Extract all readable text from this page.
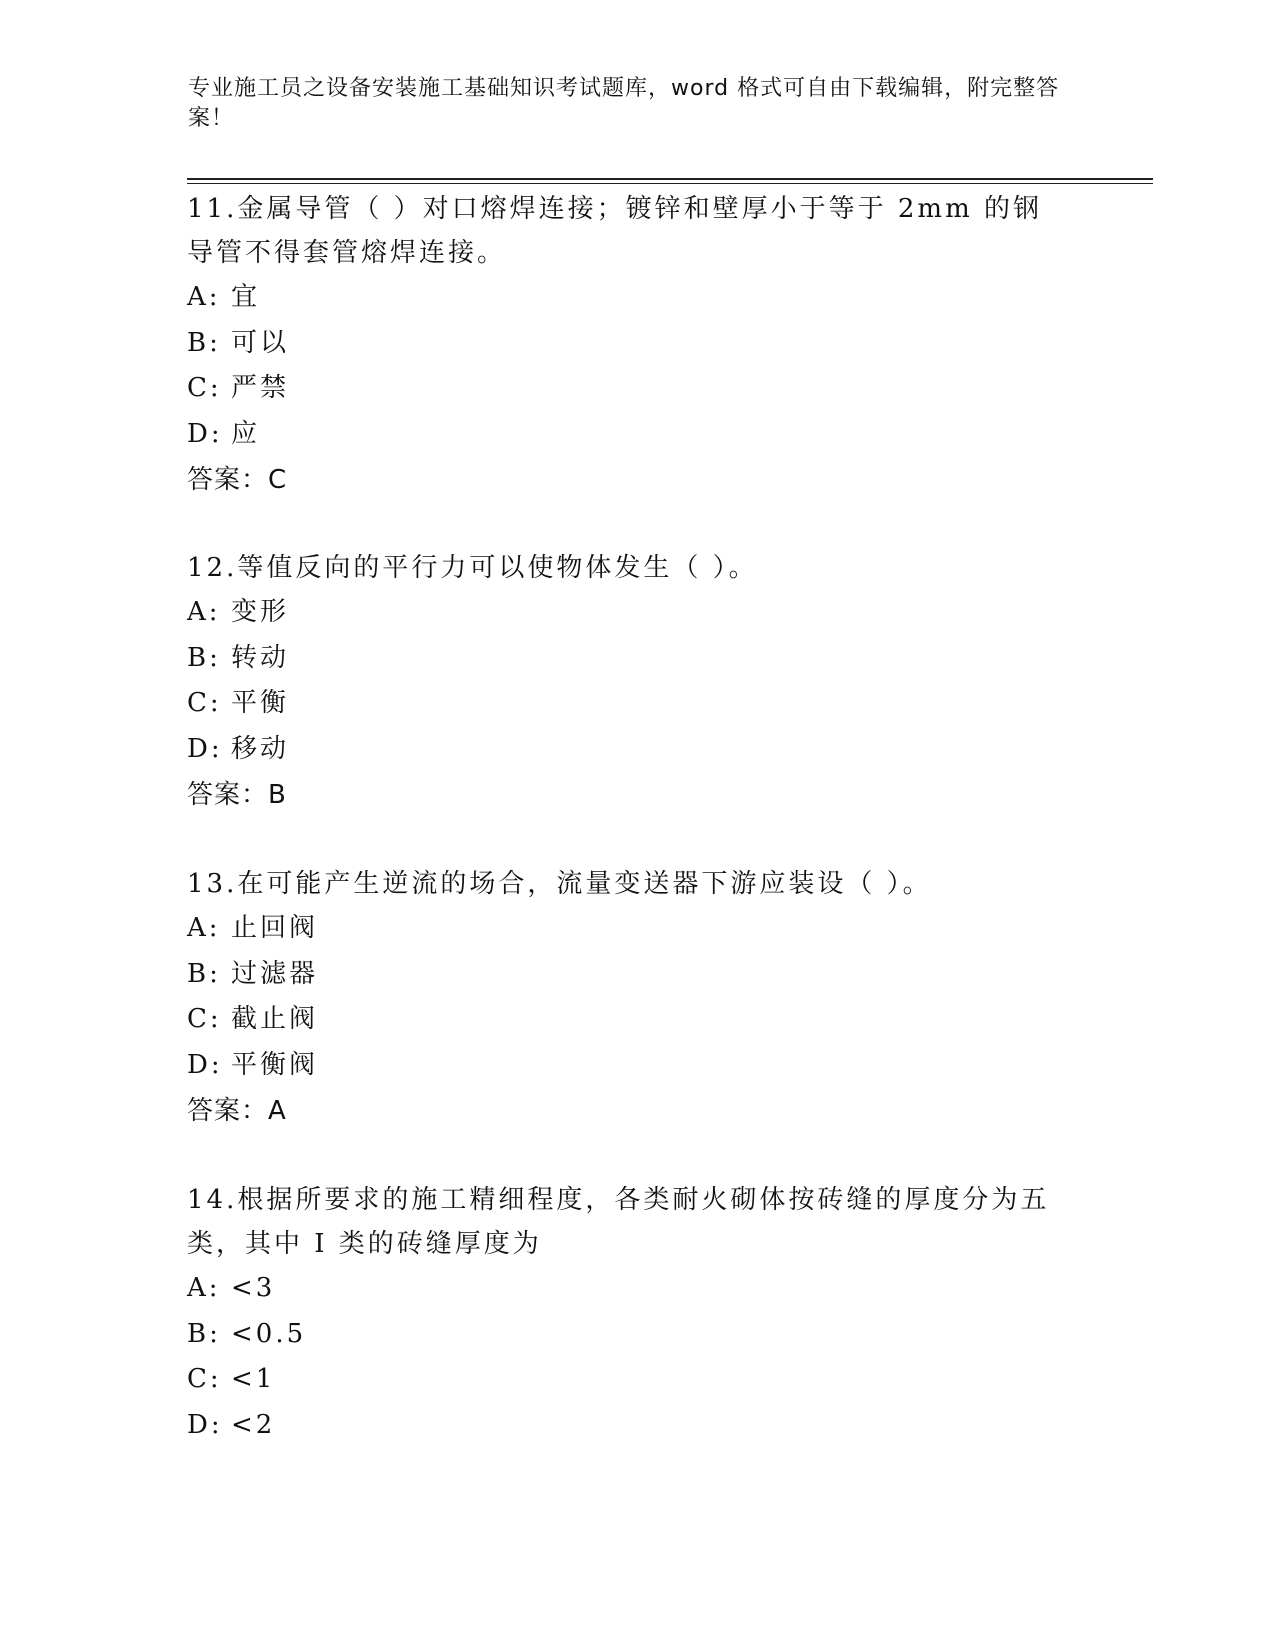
专业施工员之设备安装施工基础知识考试题库，word 格式可自由下载编辑，附完整答案！

11.金属导管（ ）对口熔焊连接；镀锌和壁厚小于等于 2mm 的钢导管不得套管熔焊连接。

A: 宜

B: 可以

C: 严禁

D: 应

答案：C

12.等值反向的平行力可以使物体发生（ ）。

A: 变形

B: 转动

C: 平衡

D: 移动

答案：B

13.在可能产生逆流的场合，流量变送器下游应装设（ ）。

A: 止回阀

B: 过滤器

C: 截止阀

D: 平衡阀

答案：A

14.根据所要求的施工精细程度，各类耐火砌体按砖缝的厚度分为五类，其中 I 类的砖缝厚度为

A: <3

B: <0.5

C: <1

D: <2
